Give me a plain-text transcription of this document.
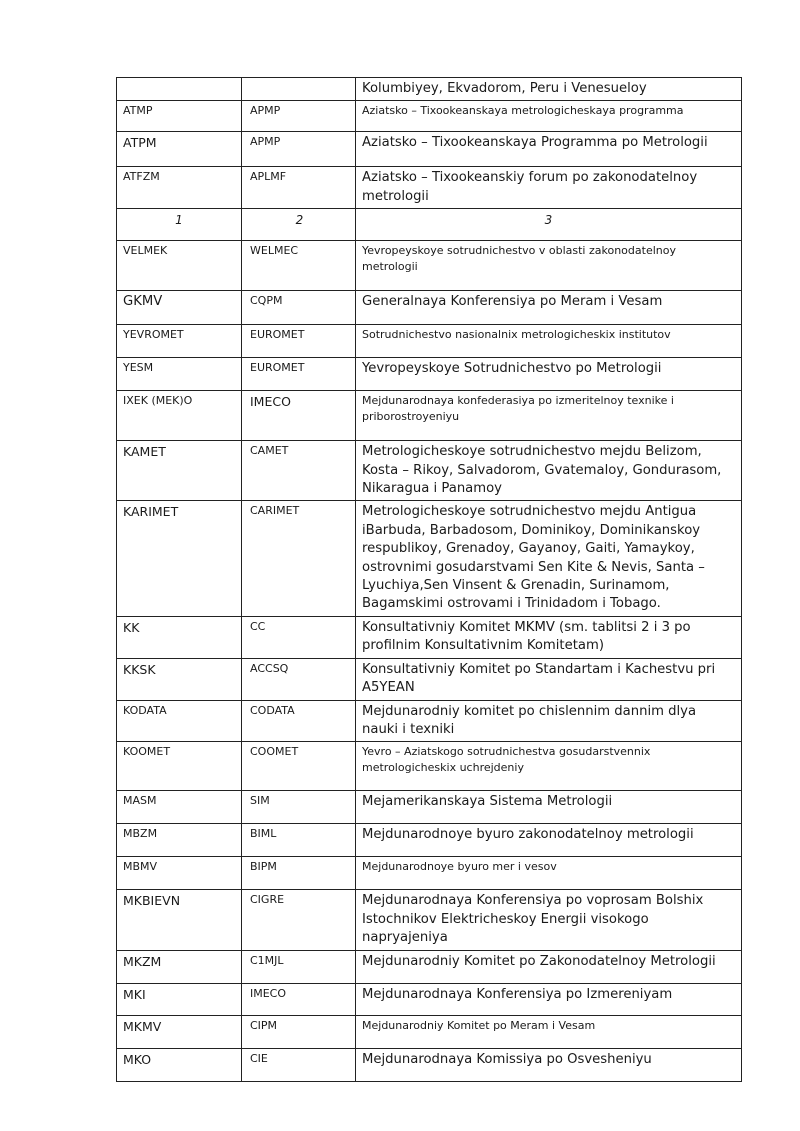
		Kolumbiyey, Ekvadorom, Peru i Venesueloy
ATMP	APMP	Aziatsko – Tixookeanskaya metrologicheskaya programma
ATPM	APMP	Aziatsko – Tixookeanskaya Programma po Metrologii
ATFZM	APLMF	Aziatsko – Tixookeanskiy forum po zakonodatelnoy metrologii
1	2	3
VELMEK	WELMEC	Yevropeyskoye sotrudnichestvo v oblasti zakonodatelnoy metrologii
GKMV	CQPM	Generalnaya Konferensiya po Meram i Vesam
YEVROMET	EUROMET	Sotrudnichestvo nasionalnix metrologicheskix institutov
YESM	EUROMET	Yevropeyskoye Sotrudnichestvo po Metrologii
IXEK (MEK)O	IMECO	Mejdunarodnaya konfederasiya po izmeritelnoy texnike i priborostroyeniyu
KAMET	CAMET	Metrologicheskoye sotrudnichestvo mejdu Belizom, Kosta – Rikoy, Salvadorom, Gvatemaloy, Gondurasom, Nikaragua i Panamoy
KARIMET	CARIMET	Metrologicheskoye sotrudnichestvo mejdu Antigua iBarbuda, Barbadosom, Dominikoy, Dominikanskoy respublikoy, Grenadoy, Gayanoy, Gaiti, Yamaykoy, ostrovnimi gosudarstvami Sen Kite & Nevis, Santa – Lyuchiya,Sen Vinsent & Grenadin, Surinamom, Bagamskimi ostrovami i Trinidadom i Tobago.
KK	CC	Konsultativniy Komitet MKMV (sm. tablitsi 2 i 3 po profilnim Konsultativnim Komitetam)
KKSK	ACCSQ	Konsultativniy Komitet po Standartam i Kachestvu pri A5YEAN
KODATA	CODATA	Mejdunarodniy komitet po chislennim dannim dlya nauki i texniki
KOOMET	COOMET	Yevro – Aziatskogo sotrudnichestva gosudarstvennix metrologicheskix uchrejdeniy
MASM	SIM	Mejamerikanskaya Sistema Metrologii
MBZM	BIML	Mejdunarodnoye byuro zakonodatelnoy metrologii
MBMV	BIPM	Mejdunarodnoye byuro mer i vesov
MKBIEVN	CIGRE	Mejdunarodnaya Konferensiya po voprosam Bolshix Istochnikov Elektricheskoy Energii visokogo napryajeniya
MKZM	C1MJL	Mejdunarodniy Komitet po Zakonodatelnoy Metrologii
MKI	IMECO	Mejdunarodnaya Konferensiya po Izmereniyam
MKMV	CIPM	Mejdunarodniy Komitet po Meram i Vesam
MKO	CIE	Mejdunarodnaya Komissiya po Osvesheniyu
